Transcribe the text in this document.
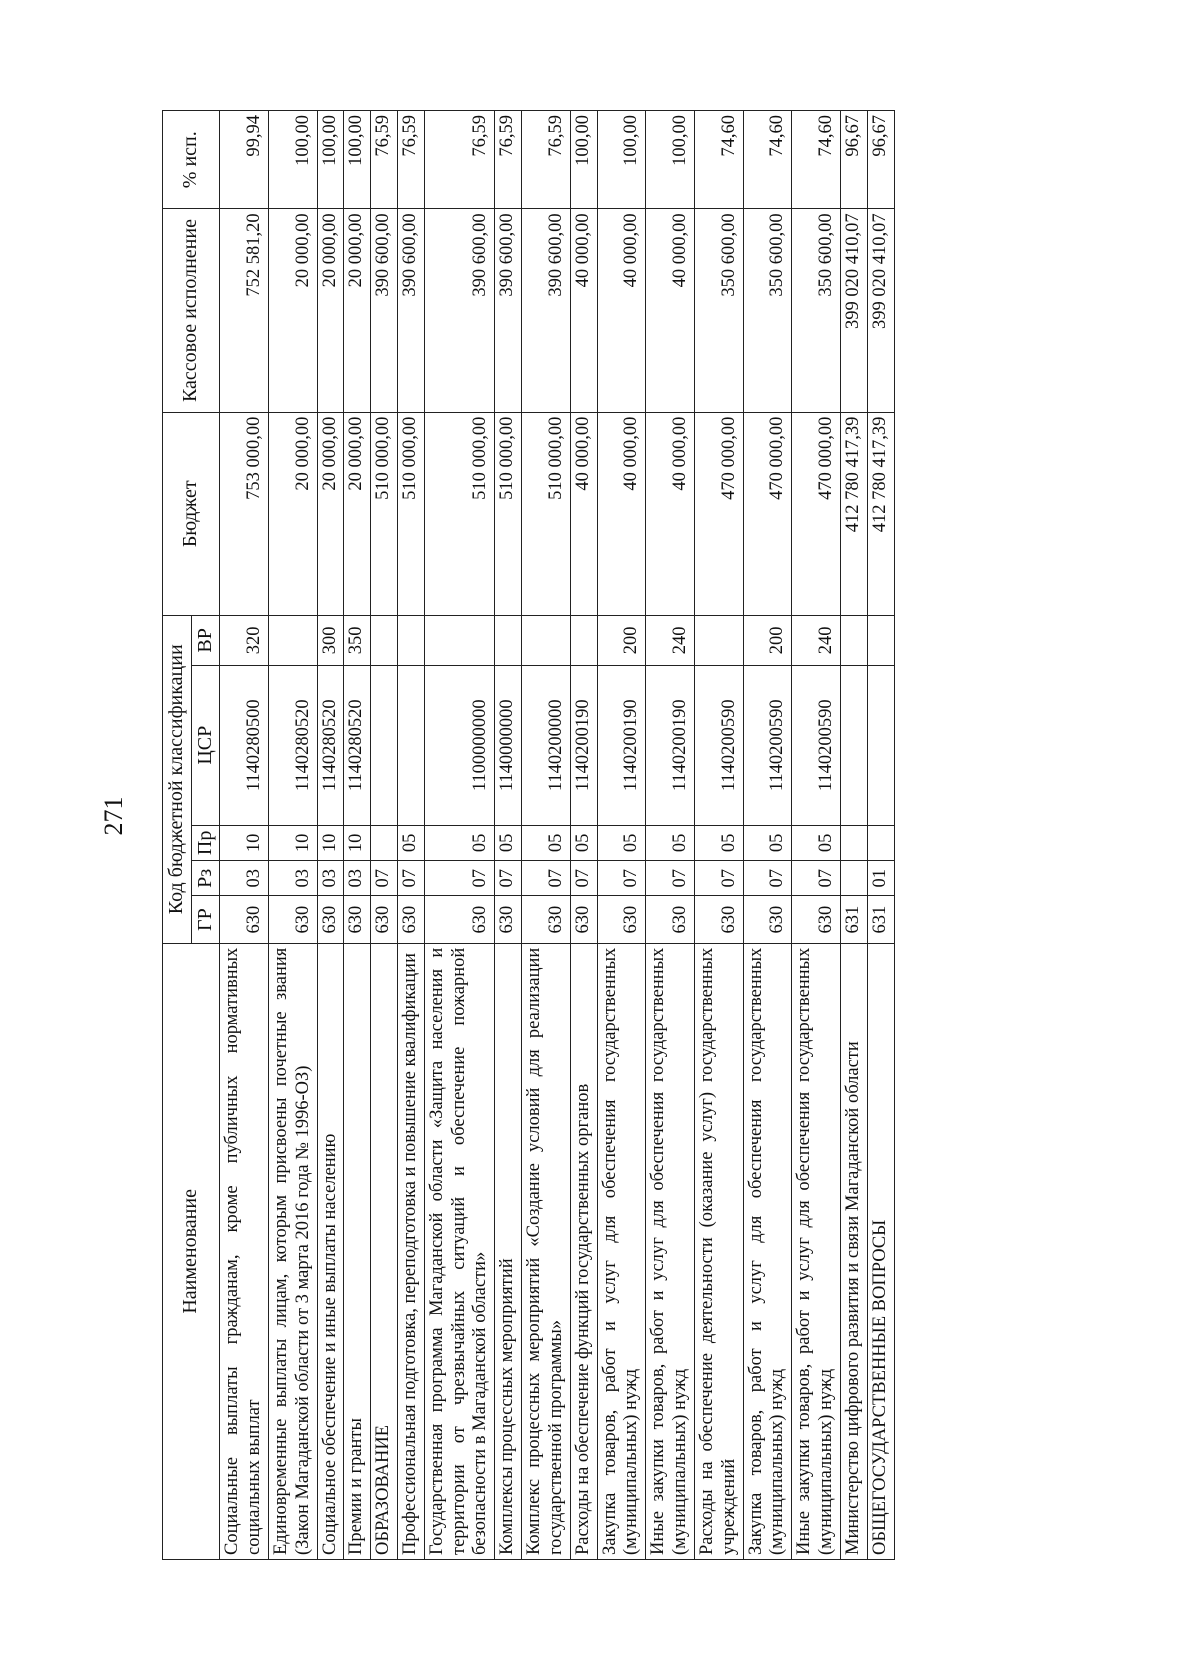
271
Наименование	Код бюджетной классификации					Бюджет	Кассовое исполнение	% исп.
	ГР	Рз	Пр	ЦСР	ВР			
Социальные выплаты гражданам, кроме публичных нормативных социальных выплат	630	03	10	1140280500	320	753 000,00	752 581,20	99,94
Единовременные выплаты лицам, которым присвоены почетные звания (Закон Магаданской области от 3 марта 2016 года № 1996-ОЗ)	630	03	10	1140280520		20 000,00	20 000,00	100,00
Социальное обеспечение и иные выплаты населению	630	03	10	1140280520	300	20 000,00	20 000,00	100,00
Премии и гранты	630	03	10	1140280520	350	20 000,00	20 000,00	100,00
ОБРАЗОВАНИЕ	630	07				510 000,00	390 600,00	76,59
Профессиональная подготовка, переподготовка и повышение квалификации	630	07	05			510 000,00	390 600,00	76,59
Государственная программа Магаданской области «Защита населения и территории от чрезвычайных ситуаций и обеспечение пожарной безопасности в Магаданской области»	630	07	05	1100000000		510 000,00	390 600,00	76,59
Комплексы процессных мероприятий	630	07	05	1140000000		510 000,00	390 600,00	76,59
Комплекс процессных мероприятий «Создание условий для реализации государственной программы»	630	07	05	1140200000		510 000,00	390 600,00	76,59
Расходы на обеспечение функций государственных органов	630	07	05	1140200190		40 000,00	40 000,00	100,00
Закупка товаров, работ и услуг для обеспечения государственных (муниципальных) нужд	630	07	05	1140200190	200	40 000,00	40 000,00	100,00
Иные закупки товаров, работ и услуг для обеспечения государственных (муниципальных) нужд	630	07	05	1140200190	240	40 000,00	40 000,00	100,00
Расходы на обеспечение деятельности (оказание услуг) государственных учреждений	630	07	05	1140200590		470 000,00	350 600,00	74,60
Закупка товаров, работ и услуг для обеспечения государственных (муниципальных) нужд	630	07	05	1140200590	200	470 000,00	350 600,00	74,60
Иные закупки товаров, работ и услуг для обеспечения государственных (муниципальных) нужд	630	07	05	1140200590	240	470 000,00	350 600,00	74,60
Министерство цифрового развития и связи Магаданской области	631					412 780 417,39	399 020 410,07	96,67
ОБЩЕГОСУДАРСТВЕННЫЕ ВОПРОСЫ	631	01				412 780 417,39	399 020 410,07	96,67
